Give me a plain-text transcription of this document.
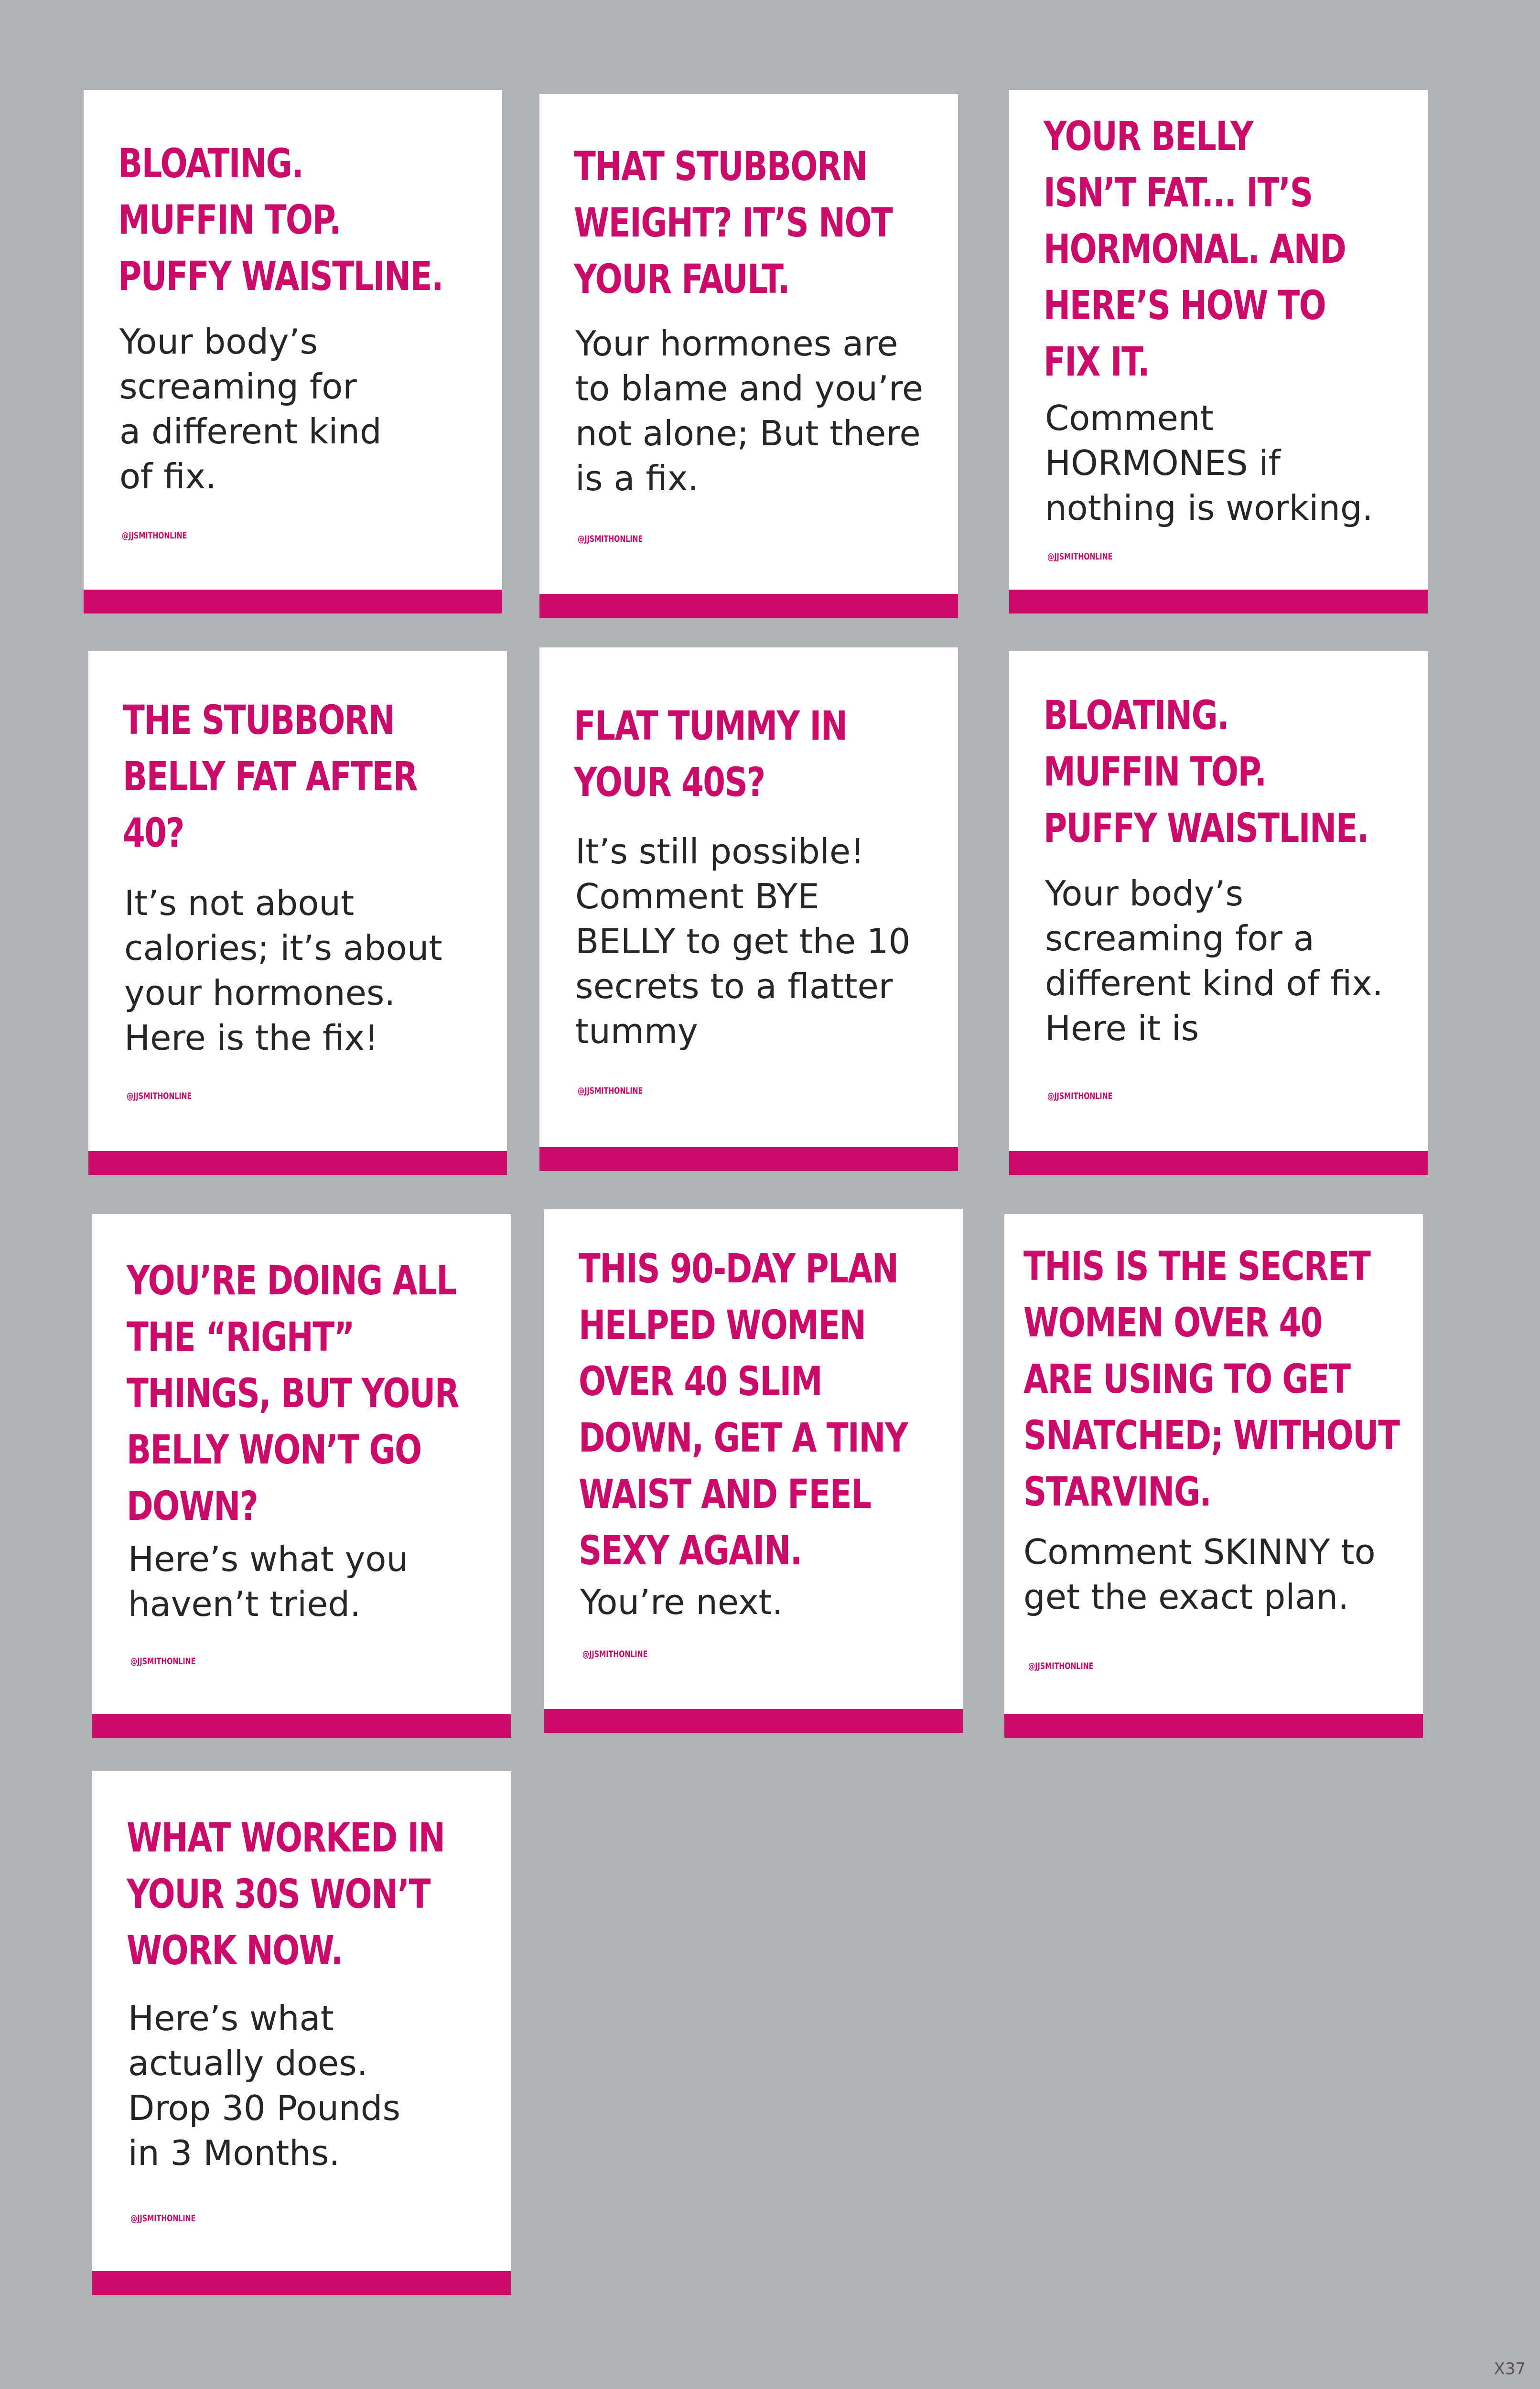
BLOATING.
MUFFIN TOP.
PUFFY WAISTLINE.

Your body’s
screaming for
a different kind
of fix.

@JJSMITHONLINE
THAT STUBBORN
WEIGHT? IT’S NOT
YOUR FAULT.

Your hormones are
to blame and you’re
not alone; But there
is a fix.

@JJSMITHONLINE
YOUR BELLY
ISN’T FAT... IT’S
HORMONAL. AND
HERE’S HOW TO
FIX IT.

Comment
HORMONES if
nothing is working.

@JJSMITHONLINE
THE STUBBORN
BELLY FAT AFTER
40?

It’s not about
calories; it’s about
your hormones.
Here is the fix!

@JJSMITHONLINE
FLAT TUMMY IN
YOUR 40S?

It’s still possible!
Comment BYE
BELLY to get the 10
secrets to a flatter
tummy

@JJSMITHONLINE
BLOATING.
MUFFIN TOP.
PUFFY WAISTLINE.

Your body’s
screaming for a
different kind of fix.
Here it is

@JJSMITHONLINE
YOU’RE DOING ALL
THE “RIGHT”
THINGS, BUT YOUR
BELLY WON’T GO
DOWN?

Here’s what you
haven’t tried.

@JJSMITHONLINE
THIS 90-DAY PLAN
HELPED WOMEN
OVER 40 SLIM
DOWN, GET A TINY
WAIST AND FEEL
SEXY AGAIN.

You’re next.

@JJSMITHONLINE
THIS IS THE SECRET
WOMEN OVER 40
ARE USING TO GET
SNATCHED; WITHOUT
STARVING.

Comment SKINNY to
get the exact plan.

@JJSMITHONLINE
WHAT WORKED IN
YOUR 30S WON’T
WORK NOW.

Here’s what
actually does.
Drop 30 Pounds
in 3 Months.

@JJSMITHONLINE
X37
